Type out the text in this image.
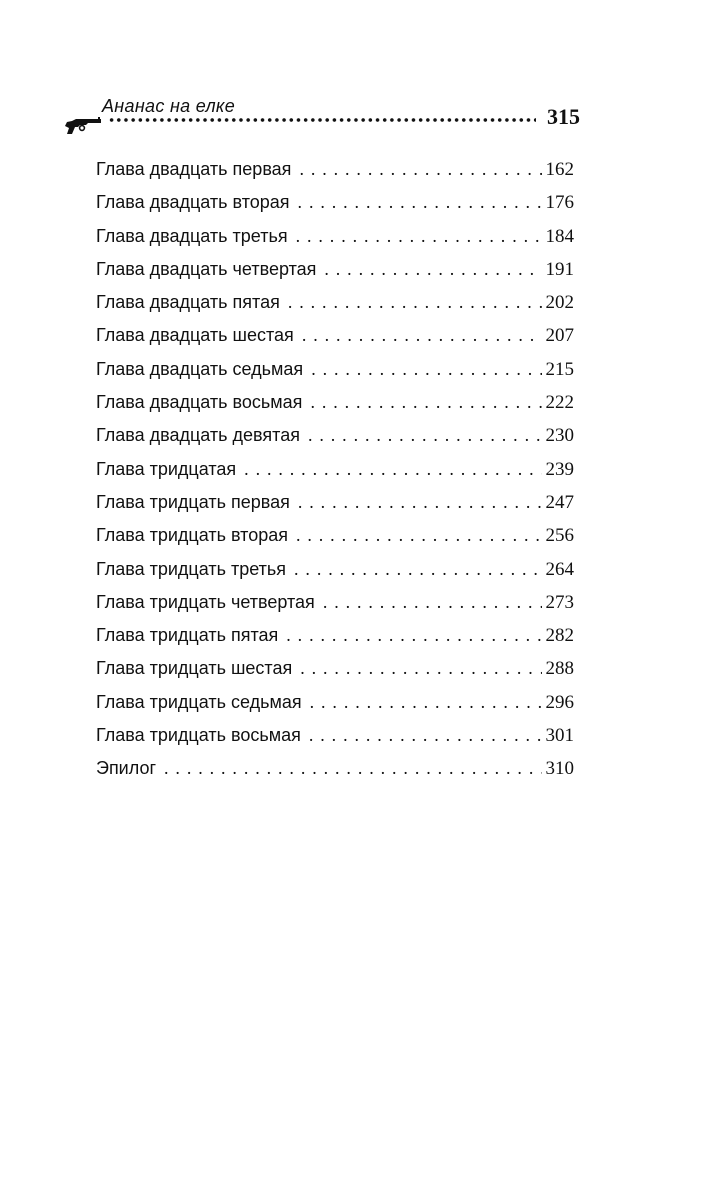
Ананас на елке	315
Глава двадцать первая . . .	162
Глава двадцать вторая . . .	176
Глава двадцать третья . . .	184
Глава двадцать четвертая . . .	191
Глава двадцать пятая . . .	202
Глава двадцать шестая . . .	207
Глава двадцать седьмая . . .	215
Глава двадцать восьмая . . .	222
Глава двадцать девятая . . .	230
Глава тридцатая . . .	239
Глава тридцать первая . . .	247
Глава тридцать вторая . . .	256
Глава тридцать третья . . .	264
Глава тридцать четвертая . . .	273
Глава тридцать пятая . . .	282
Глава тридцать шестая . . .	288
Глава тридцать седьмая . . .	296
Глава тридцать восьмая . . .	301
Эпилог . . .	310
